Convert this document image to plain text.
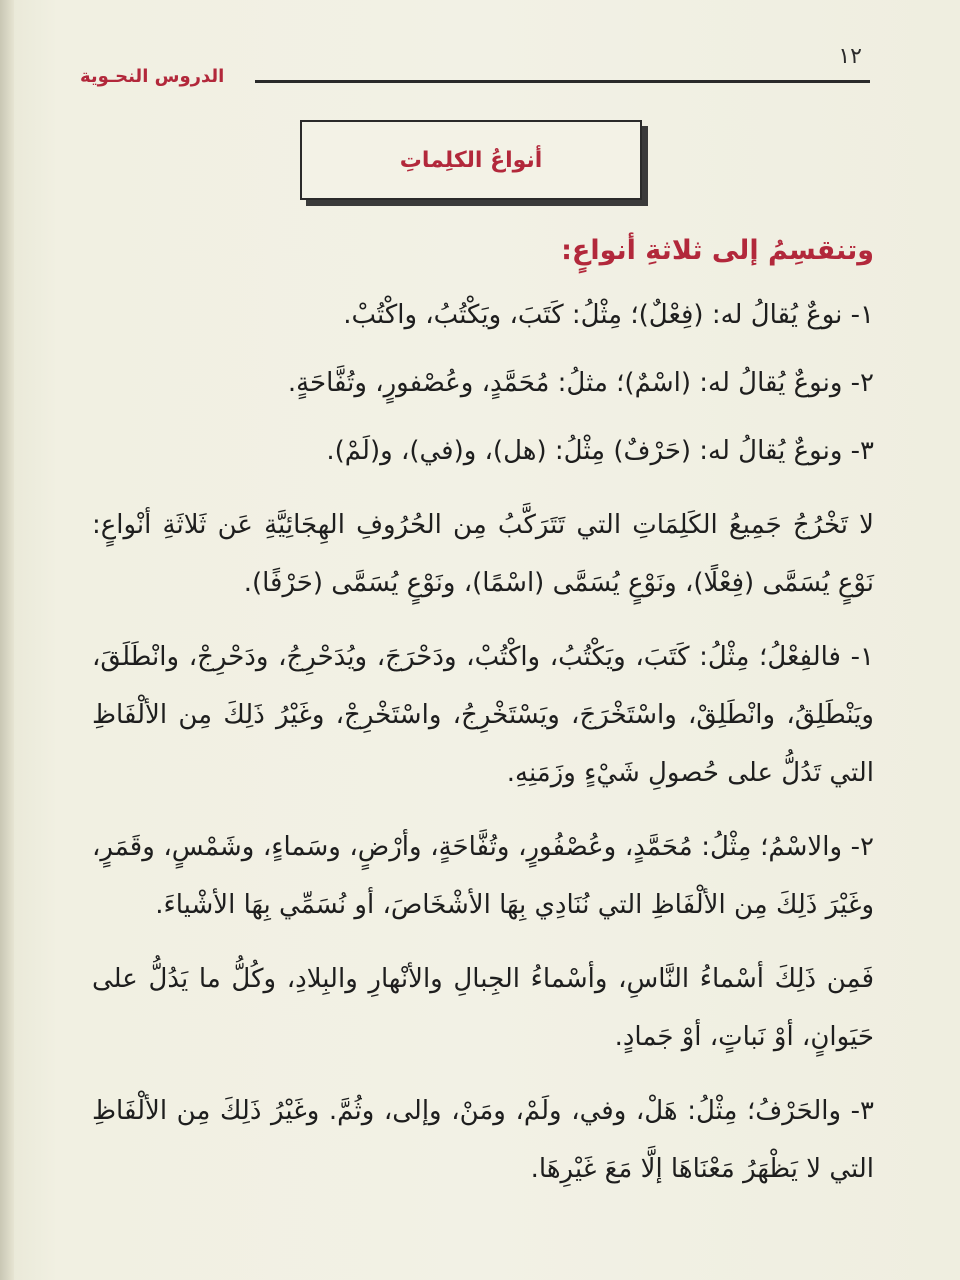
١٢
الدروس النحـوية
أنواعُ الكلِماتِ

وتنقسِمُ إلى ثلاثةِ أنواعٍ:

١- نوعٌ يُقالُ له: (فِعْلٌ)؛ مِثْلُ: كَتَبَ، ويَكْتُبُ، واكْتُبْ.

٢- ونوعٌ يُقالُ له: (اسْمٌ)؛ مثلُ: مُحَمَّدٍ، وعُصْفورٍ، وتُفَّاحَةٍ.

٣- ونوعٌ يُقالُ له: (حَرْفٌ) مِثْلُ: (هل)، و(في)، و(لَمْ).

لا تَخْرُجُ جَمِيعُ الكَلِمَاتِ التي تَتَرَكَّبُ مِن الحُرُوفِ الهِجَائِيَّةِ عَن ثَلاثَةِ أنْواعٍ: نَوْعٍ يُسَمَّى (فِعْلًا)، ونَوْعٍ يُسَمَّى (اسْمًا)، ونَوْعٍ يُسَمَّى (حَرْفًا).

١- فالفِعْلُ؛ مِثْلُ: كَتَبَ، ويَكْتُبُ، واكْتُبْ، ودَحْرَجَ، ويُدَحْرِجُ، ودَحْرِجْ، وانْطَلَقَ، ويَنْطَلِقُ، وانْطَلِقْ، واسْتَخْرَجَ، ويَسْتَخْرِجُ، واسْتَخْرِجْ، وغَيْرُ ذَلِكَ مِن الألْفَاظِ التي تَدُلُّ على حُصولِ شَيْءٍ وزَمَنِهِ.

٢- والاسْمُ؛ مِثْلُ: مُحَمَّدٍ، وعُصْفُورٍ، وتُفَّاحَةٍ، وأرْضٍ، وسَماءٍ، وشَمْسٍ، وقَمَرٍ، وغَيْرَ ذَلِكَ مِن الألْفَاظِ التي نُنَادِي بِهَا الأشْخَاصَ، أو نُسَمِّي بِهَا الأشْياءَ.

فَمِن ذَلِكَ أسْماءُ النَّاسِ، وأسْماءُ الجِبالِ والأنْهارِ والبِلادِ، وكُلُّ ما يَدُلُّ على حَيَوانٍ، أوْ نَباتٍ، أوْ جَمادٍ.

٣- والحَرْفُ؛ مِثْلُ: هَلْ، وفي، ولَمْ، ومَنْ، وإلى، وثُمَّ. وغَيْرُ ذَلِكَ مِن الألْفَاظِ التي لا يَظْهَرُ مَعْنَاهَا إلَّا مَعَ غَيْرِهَا.
